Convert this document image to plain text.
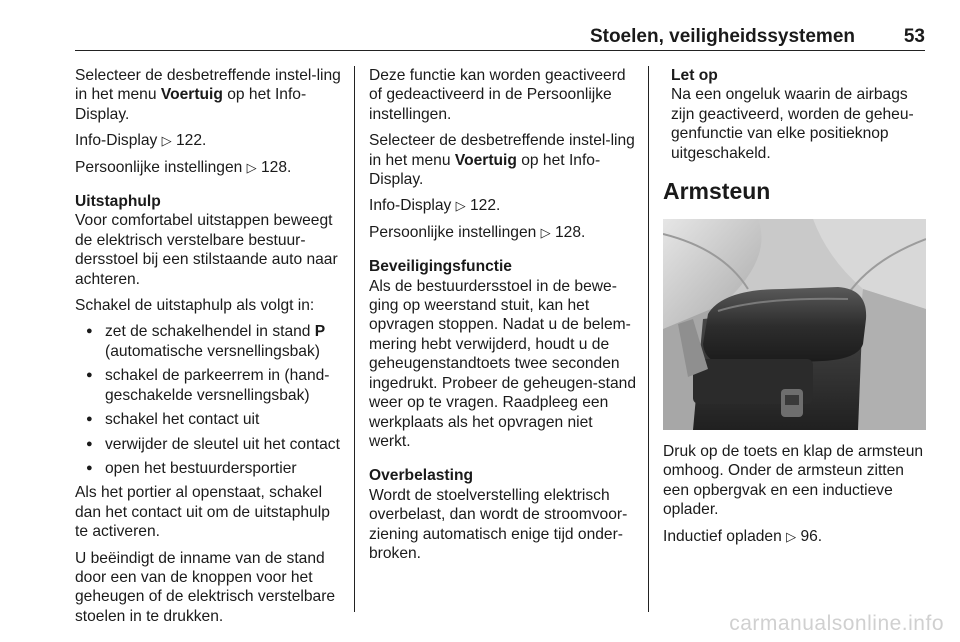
Stoelen, veiligheidssystemen	53

Selecteer de desbetreffende instel-ling in het menu Voertuig op het Info-Display.

Info-Display ▷ 122.

Persoonlijke instellingen ▷ 128.

Uitstaphulp
Voor comfortabel uitstappen beweegt de elektrisch verstelbare bestuur-dersstoel bij een stilstaande auto naar achteren.

Schakel de uitstaphulp als volgt in:

● zet de schakelhendel in stand P (automatische versnellingsbak)
● schakel de parkeerrem in (hand-geschakelde versnellingsbak)
● schakel het contact uit
● verwijder de sleutel uit het contact
● open het bestuurdersportier

Als het portier al openstaat, schakel dan het contact uit om de uitstaphulp te activeren.

U beëindigt de inname van de stand door een van de knoppen voor het geheugen of de elektrisch verstelbare stoelen in te drukken.

Deze functie kan worden geactiveerd of gedeactiveerd in de Persoonlijke instellingen.

Selecteer de desbetreffende instel-ling in het menu Voertuig op het Info-Display.

Info-Display ▷ 122.

Persoonlijke instellingen ▷ 128.

Beveiligingsfunctie
Als de bestuurdersstoel in de bewe-ging op weerstand stuit, kan het opvragen stoppen. Nadat u de belem-mering hebt verwijderd, houdt u de geheugenstandtoets twee seconden ingedrukt. Probeer de geheugen-stand weer op te vragen. Raadpleeg een werkplaats als het opvragen niet werkt.

Overbelasting
Wordt de stoelverstelling elektrisch overbelast, dan wordt de stroomvoor-ziening automatisch enige tijd onder-broken.

Let op
Na een ongeluk waarin de airbags zijn geactiveerd, worden de geheu-genfunctie van elke positieknop uitgeschakeld.
Armsteun

Druk op de toets en klap de armsteun omhoog. Onder de armsteun zitten een opbergvak en een inductieve oplader.

Inductief opladen ▷ 96.

carmanualsonline.info
